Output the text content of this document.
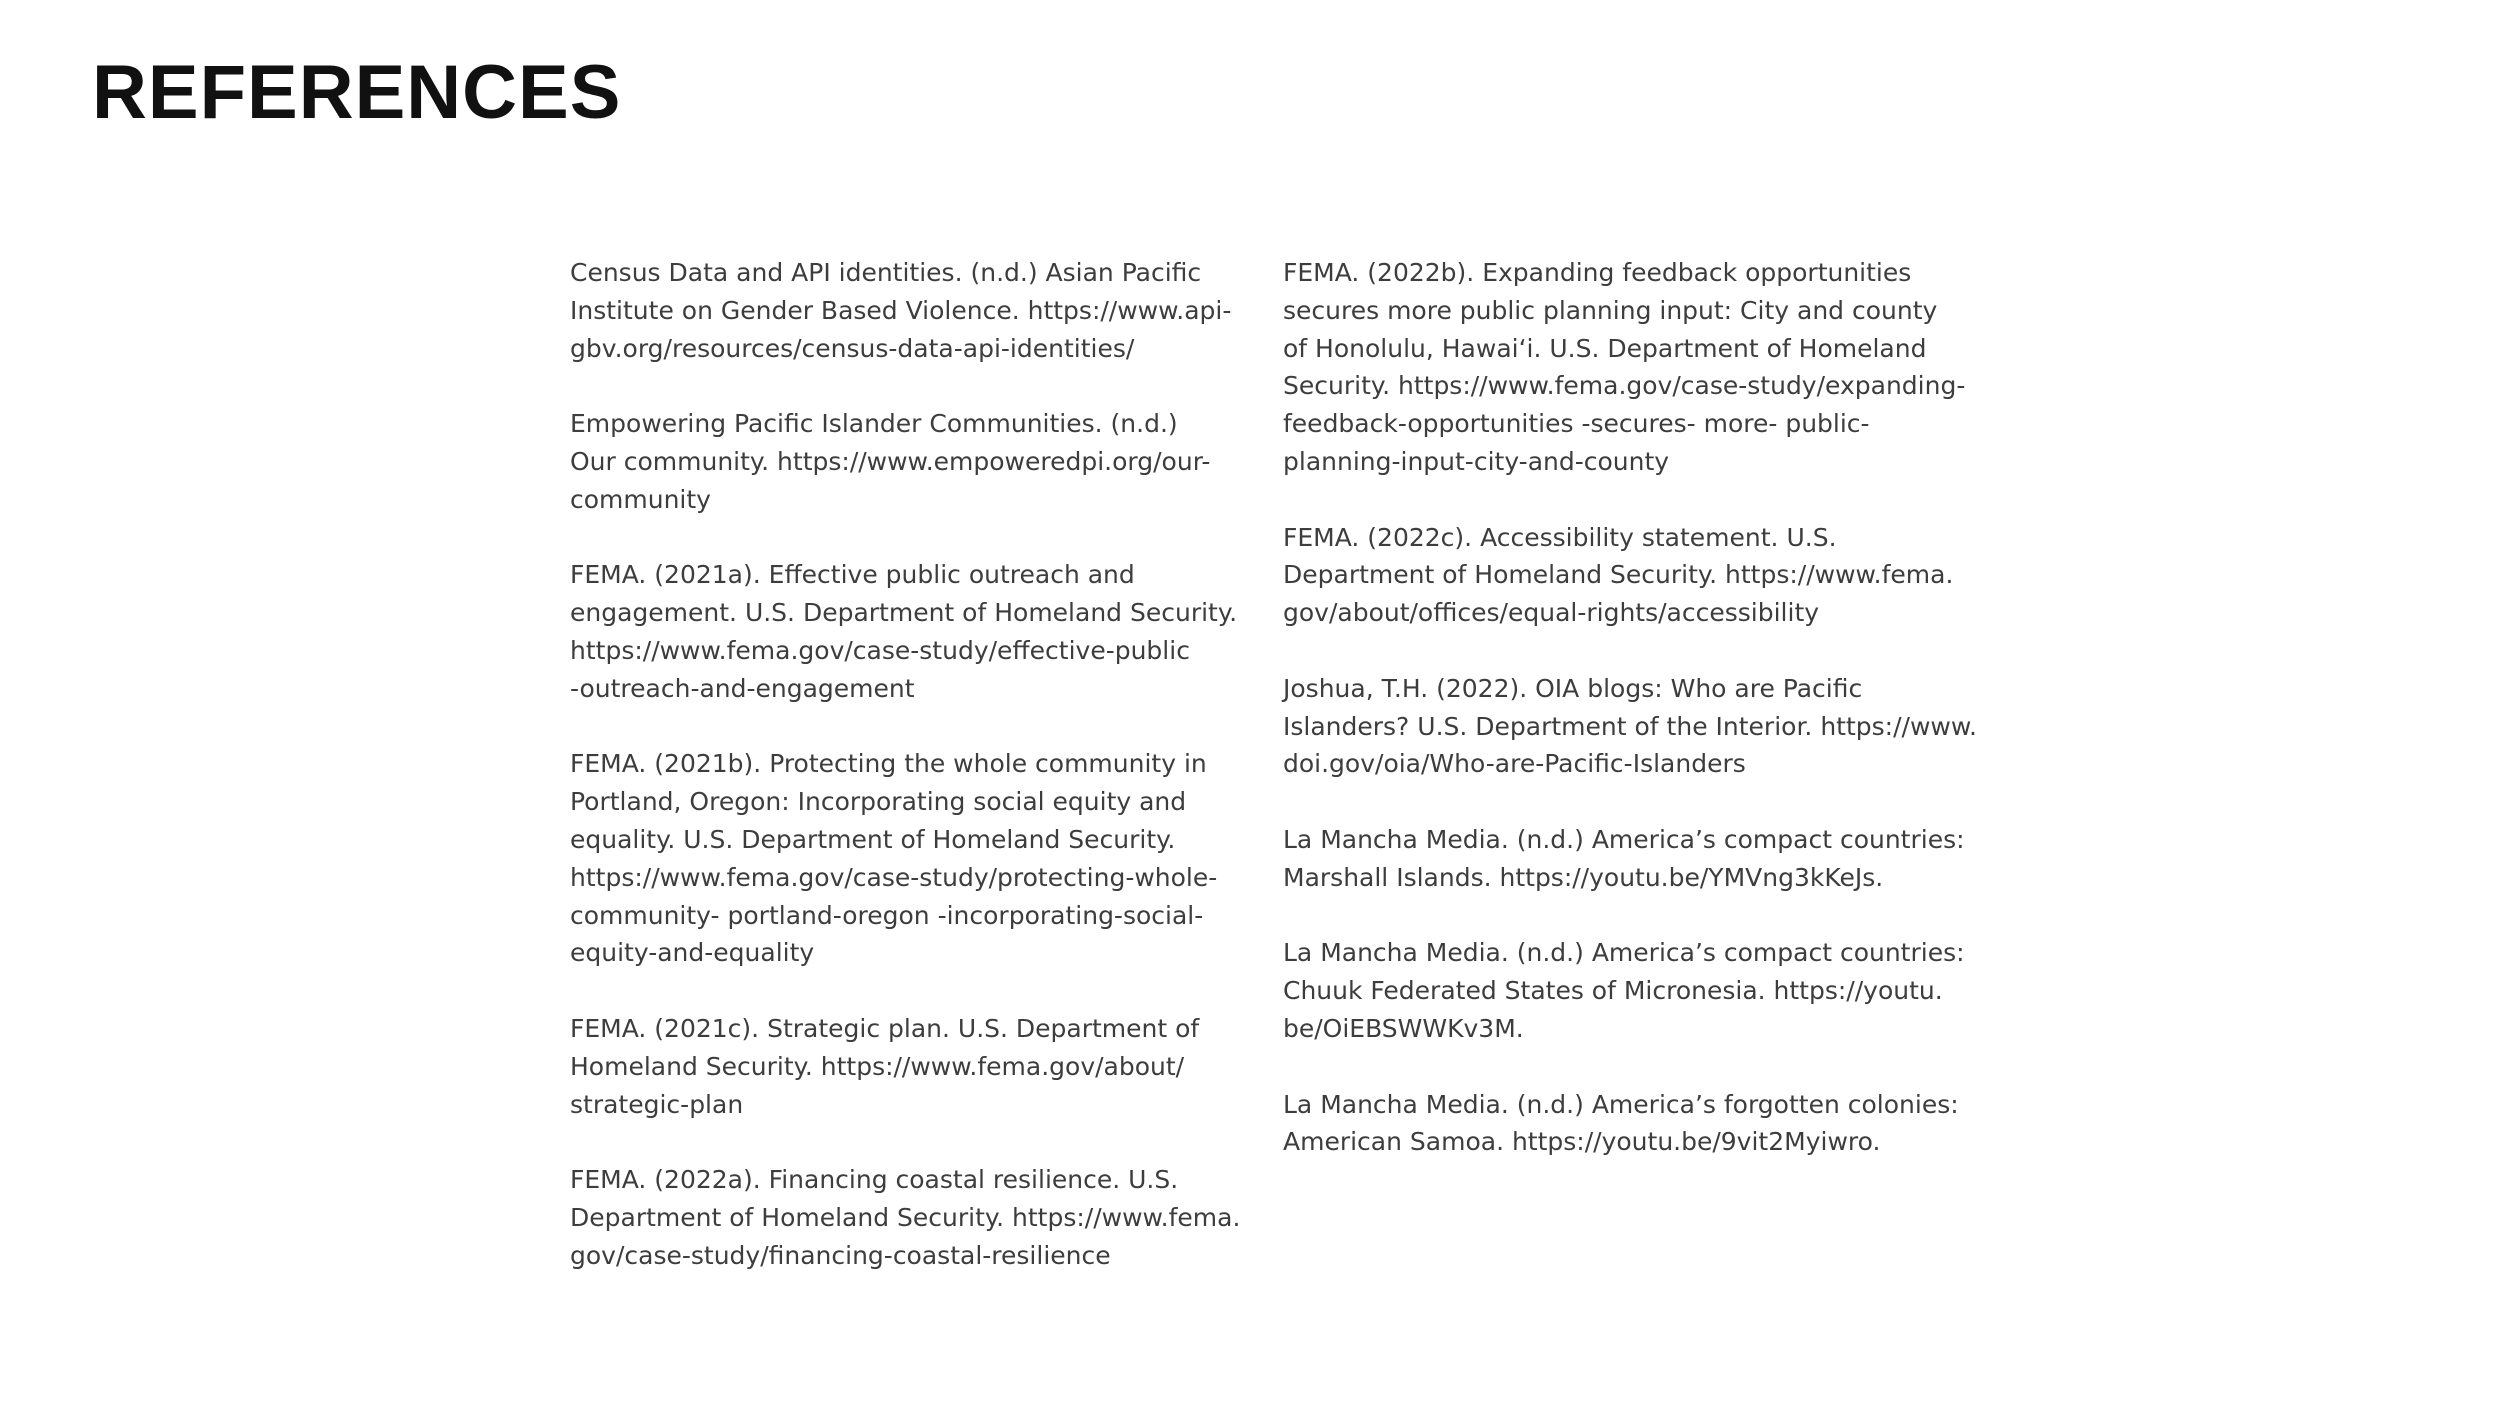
REFERENCES

Census Data and API identities. (n.d.) Asian Pacific
Institute on Gender Based Violence. https://www.api-
gbv.org/resources/census-data-api-identities/

Empowering Pacific Islander Communities. (n.d.)
Our community. https://www.empoweredpi.org/our-
community

FEMA. (2021a). Effective public outreach and
engagement. U.S. Department of Homeland Security.
https://www.fema.gov/case-study/effective-public
-outreach-and-engagement

FEMA. (2021b). Protecting the whole community in
Portland, Oregon: Incorporating social equity and
equality. U.S. Department of Homeland Security.
https://www.fema.gov/case-study/protecting-whole-
community- portland-oregon -incorporating-social-
equity-and-equality

FEMA. (2021c). Strategic plan. U.S. Department of
Homeland Security. https://www.fema.gov/about/
strategic-plan

FEMA. (2022a). Financing coastal resilience. U.S.
Department of Homeland Security. https://www.fema.
gov/case-study/financing-coastal-resilience

FEMA. (2022b). Expanding feedback opportunities
secures more public planning input: City and county
of Honolulu, Hawaiʻi. U.S. Department of Homeland
Security. https://www.fema.gov/case-study/expanding-
feedback-opportunities -secures- more- public-
planning-input-city-and-county

FEMA. (2022c). Accessibility statement. U.S.
Department of Homeland Security. https://www.fema.
gov/about/offices/equal-rights/accessibility

Joshua, T.H. (2022). OIA blogs: Who are Pacific
Islanders? U.S. Department of the Interior. https://www.
doi.gov/oia/Who-are-Pacific-Islanders

La Mancha Media. (n.d.) America’s compact countries:
Marshall Islands. https://youtu.be/YMVng3kKeJs.

La Mancha Media. (n.d.) America’s compact countries:
Chuuk Federated States of Micronesia. https://youtu.
be/OiEBSWWKv3M.

La Mancha Media. (n.d.) America’s forgotten colonies:
American Samoa. https://youtu.be/9vit2Myiwro.
